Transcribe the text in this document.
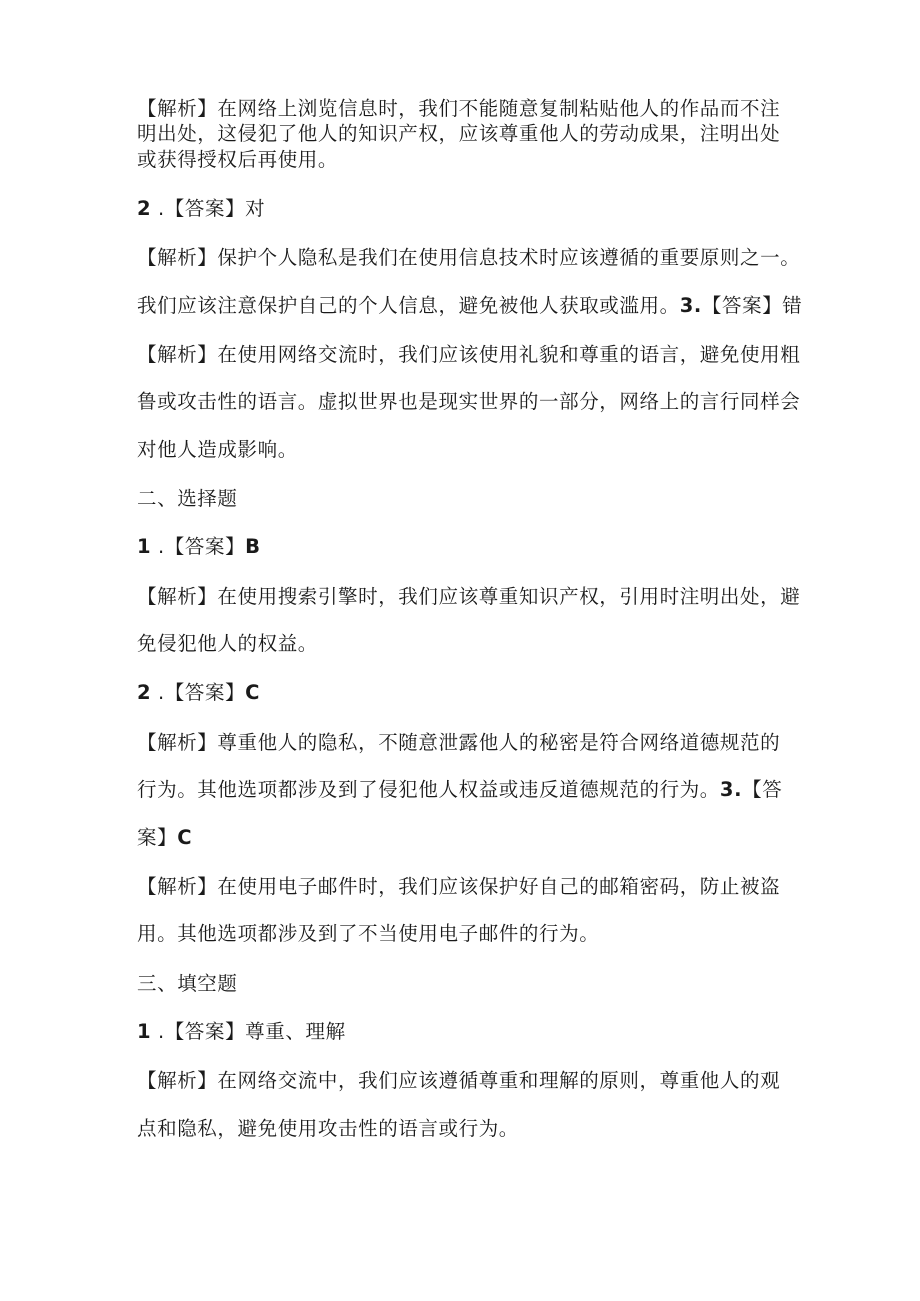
【解析】在网络上浏览信息时，我们不能随意复制粘贴他人的作品而不注
明出处，这侵犯了他人的知识产权，应该尊重他人的劳动成果，注明出处
或获得授权后再使用。
2 .【答案】对
【解析】保护个人隐私是我们在使用信息技术时应该遵循的重要原则之一。
我们应该注意保护自己的个人信息，避免被他人获取或滥用。3.【答案】错
【解析】在使用网络交流时，我们应该使用礼貌和尊重的语言，避免使用粗
鲁或攻击性的语言。虚拟世界也是现实世界的一部分，网络上的言行同样会
对他人造成影响。
二、选择题
1 .【答案】B
【解析】在使用搜索引擎时，我们应该尊重知识产权，引用时注明出处，避
免侵犯他人的权益。
2 .【答案】C
【解析】尊重他人的隐私，不随意泄露他人的秘密是符合网络道德规范的
行为。其他选项都涉及到了侵犯他人权益或违反道德规范的行为。3.【答
案】C
【解析】在使用电子邮件时，我们应该保护好自己的邮箱密码，防止被盗
用。其他选项都涉及到了不当使用电子邮件的行为。
三、填空题
1 .【答案】尊重、理解
【解析】在网络交流中，我们应该遵循尊重和理解的原则，尊重他人的观
点和隐私，避免使用攻击性的语言或行为。
